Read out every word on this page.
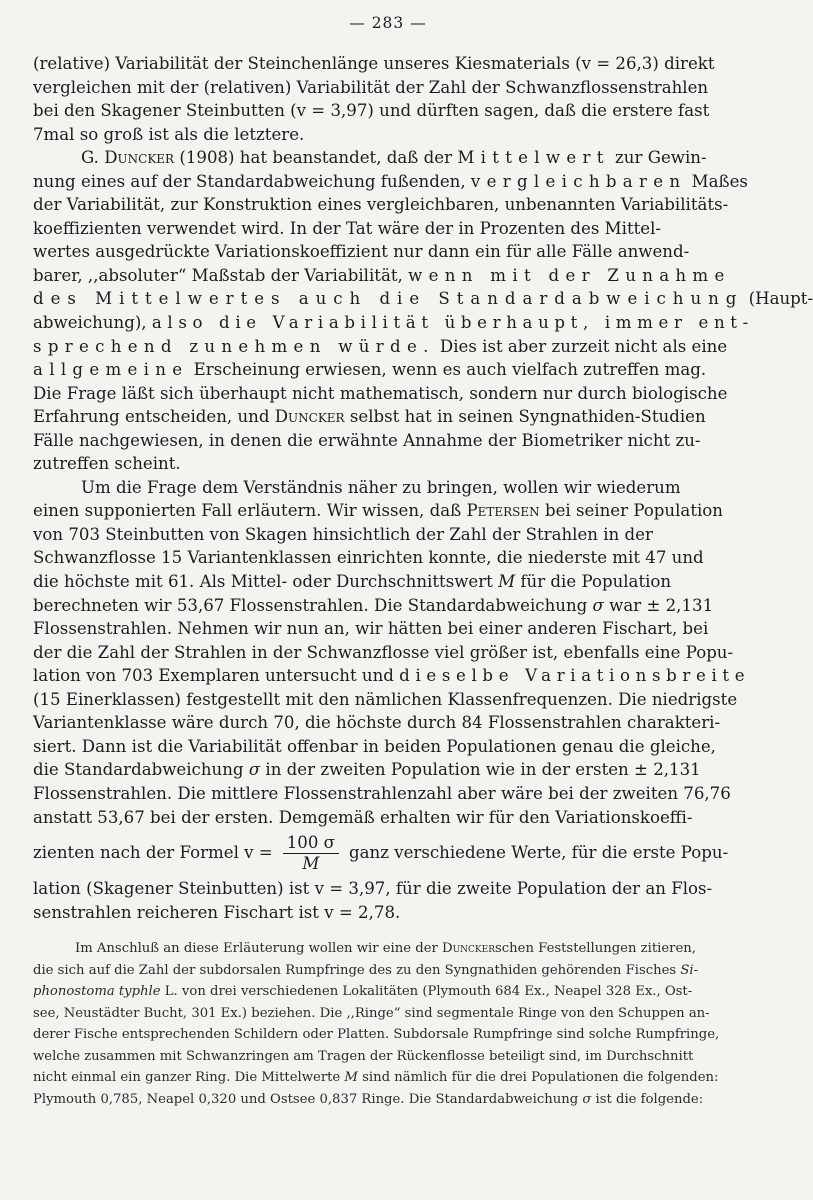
— 283 —
(relative) Variabilität der Steinchenlänge unseres Kiesmaterials (v = 26,3) direkt
vergleichen mit der (relativen) Variabilität der Zahl der Schwanzflossenstrahlen
bei den Skagener Steinbutten (v = 3,97) und dürften sagen, daß die erstere fast
7mal so groß ist als die letztere.
G. Duncker (1908) hat beanstandet, daß der Mittelwert zur Gewin-
nung eines auf der Standardabweichung fußenden, vergleichbaren Maßes
der Variabilität, zur Konstruktion eines vergleichbaren, unbenannten Variabilitäts-
koeffizienten verwendet wird. In der Tat wäre der in Prozenten des Mittel-
wertes ausgedrückte Variationskoeffizient nur dann ein für alle Fälle anwend-
barer, ,,absoluter“ Maßstab der Variabilität, wenn mit der Zunahme
des Mittelwertes auch die Standardabweichung (Haupt-
abweichung), also die Variabilität überhaupt, immer ent-
sprechend zunehmen würde. Dies ist aber zurzeit nicht als eine
allgemeine Erscheinung erwiesen, wenn es auch vielfach zutreffen mag.
Die Frage läßt sich überhaupt nicht mathematisch, sondern nur durch biologische
Erfahrung entscheiden, und Duncker selbst hat in seinen Syngnathiden-Studien
Fälle nachgewiesen, in denen die erwähnte Annahme der Biometriker nicht zu-
zutreffen scheint.
Um die Frage dem Verständnis näher zu bringen, wollen wir wiederum
einen supponierten Fall erläutern. Wir wissen, daß Petersen bei seiner Population
von 703 Steinbutten von Skagen hinsichtlich der Zahl der Strahlen in der
Schwanzflosse 15 Variantenklassen einrichten konnte, die niederste mit 47 und
die höchste mit 61. Als Mittel- oder Durchschnittswert M für die Population
berechneten wir 53,67 Flossenstrahlen. Die Standardabweichung σ war ± 2,131
Flossenstrahlen. Nehmen wir nun an, wir hätten bei einer anderen Fischart, bei
der die Zahl der Strahlen in der Schwanzflosse viel größer ist, ebenfalls eine Popu-
lation von 703 Exemplaren untersucht und dieselbe Variationsbreite
(15 Einerklassen) festgestellt mit den nämlichen Klassenfrequenzen. Die niedrigste
Variantenklasse wäre durch 70, die höchste durch 84 Flossenstrahlen charakteri-
siert. Dann ist die Variabilität offenbar in beiden Populationen genau die gleiche,
die Standardabweichung σ in der zweiten Population wie in der ersten ± 2,131
Flossenstrahlen. Die mittlere Flossenstrahlenzahl aber wäre bei der zweiten 76,76
anstatt 53,67 bei der ersten. Demgemäß erhalten wir für den Variationskoeffi-
zienten nach der Formel $v = \frac{100 \sigma}{M}$ ganz verschiedene Werte, für die erste Popu-
lation (Skagener Steinbutten) ist v = 3,97, für die zweite Population der an Flos-
senstrahlen reicheren Fischart ist v = 2,78.
Im Anschluß an diese Erläuterung wollen wir eine der Dunckerschen Feststellungen zitieren,
die sich auf die Zahl der subdorsalen Rumpfringe des zu den Syngnathiden gehörenden Fisches Si-
phonostoma typhle L. von drei verschiedenen Lokalitäten (Plymouth 684 Ex., Neapel 328 Ex., Ost-
see, Neustädter Bucht, 301 Ex.) beziehen. Die ,,Ringe“ sind segmentale Ringe von den Schuppen an-
derer Fische entsprechenden Schildern oder Platten. Subdorsale Rumpfringe sind solche Rumpfringe,
welche zusammen mit Schwanzringen am Tragen der Rückenflosse beteiligt sind, im Durchschnitt
nicht einmal ein ganzer Ring. Die Mittelwerte M sind nämlich für die drei Populationen die folgenden:
Plymouth 0,785, Neapel 0,320 und Ostsee 0,837 Ringe. Die Standardabweichung σ ist die folgende:
